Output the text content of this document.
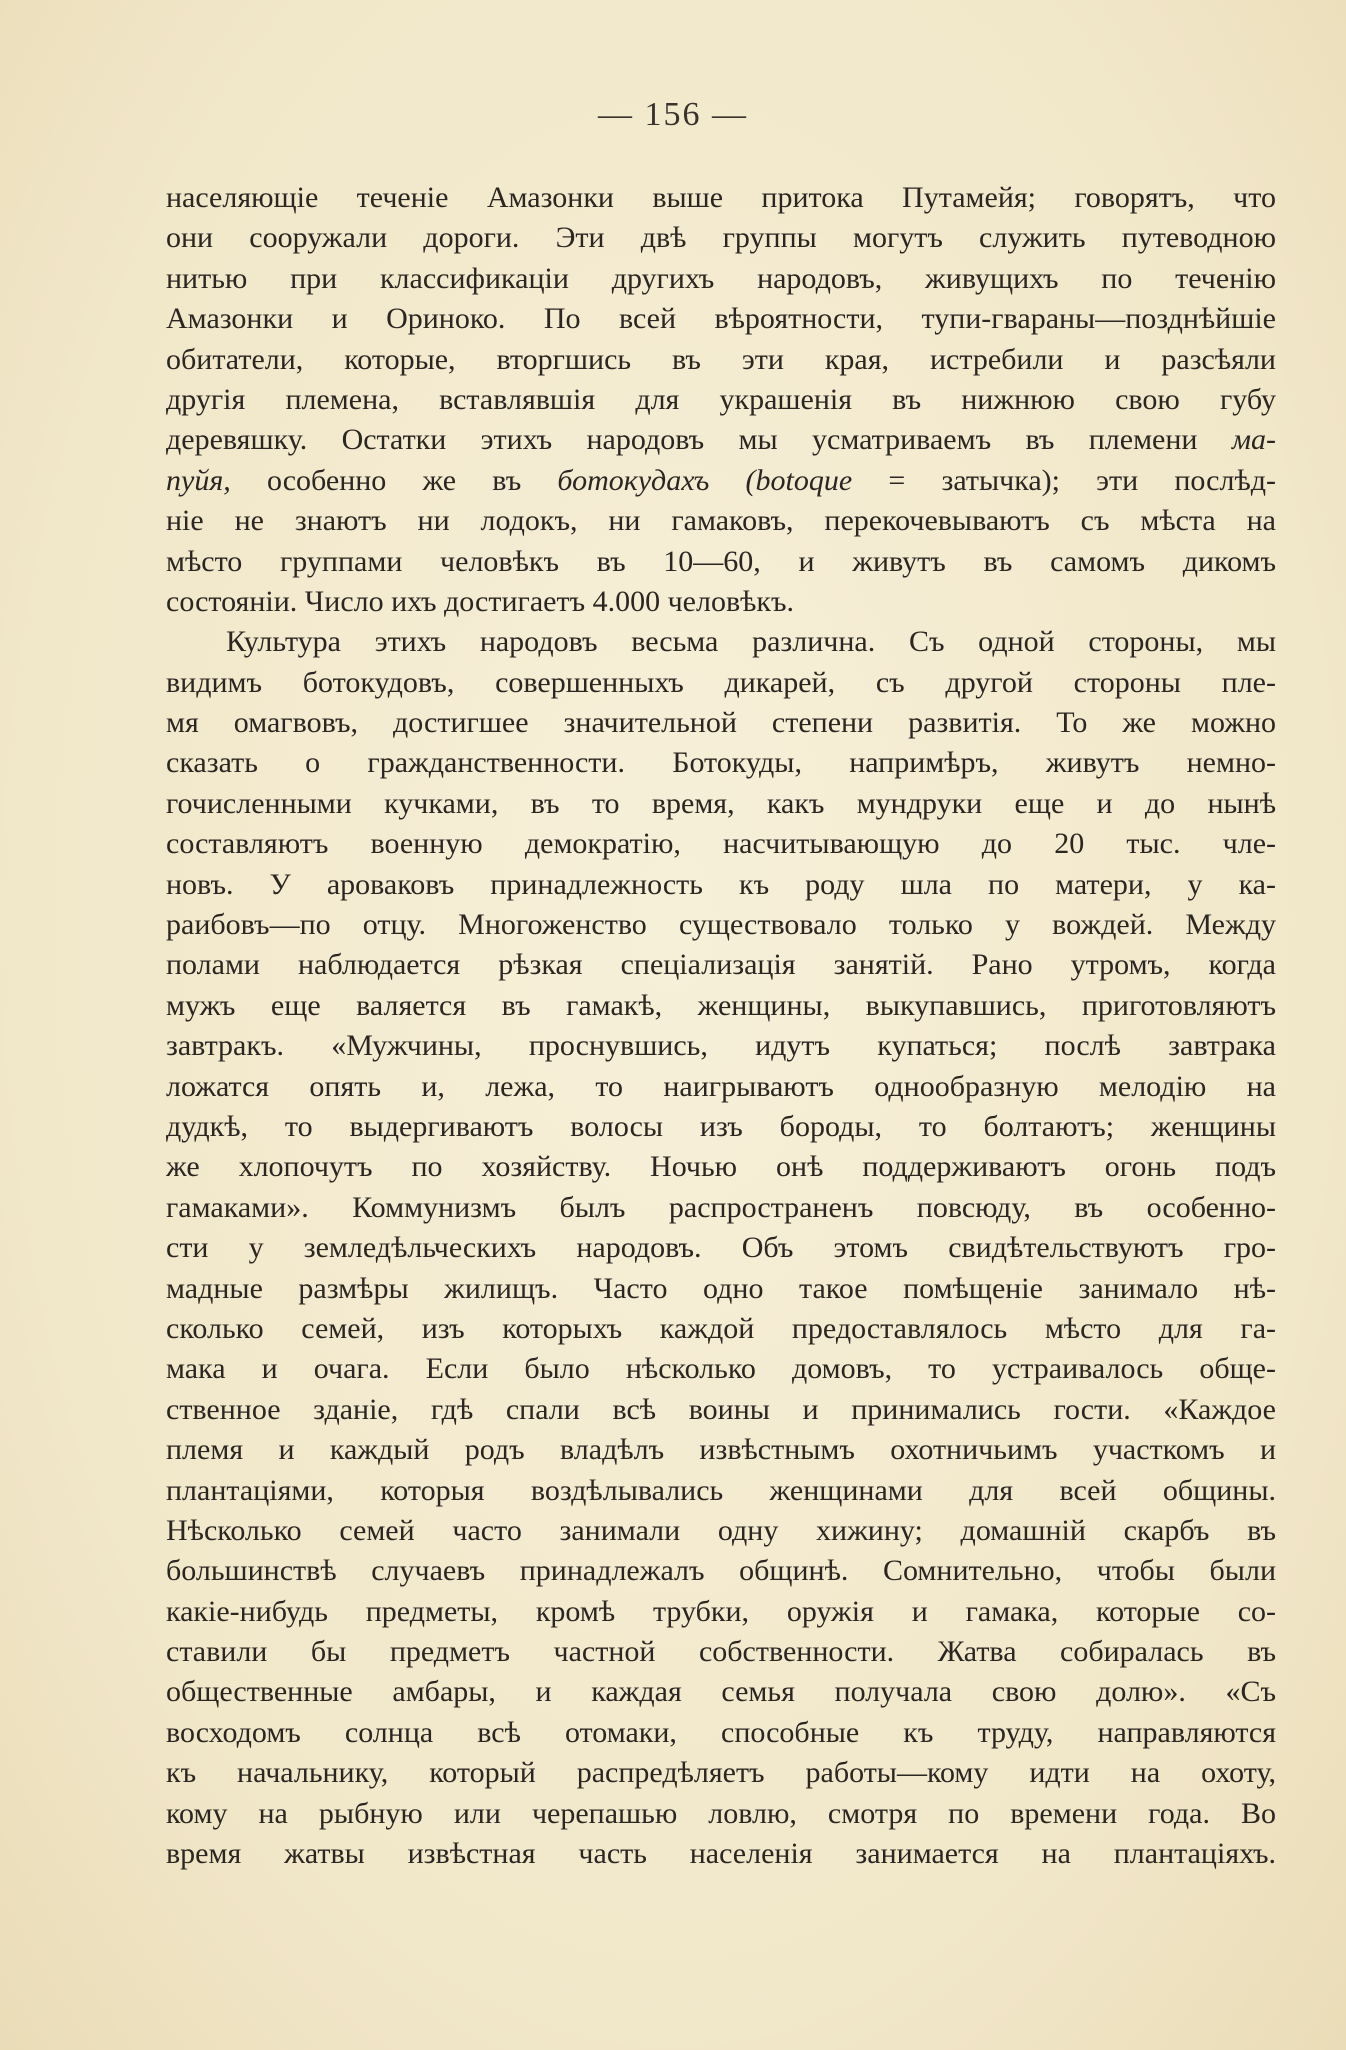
— 156 —
населяющіе теченіе Амазонки выше притока Путамейя; говорятъ, что
они сооружали дороги. Эти двѣ группы могутъ служить путеводною
нитью при классификаціи другихъ народовъ, живущихъ по теченію
Амазонки и Ориноко. По всей вѣроятности, тупи-гвараны—позднѣйшіе
обитатели, которые, вторгшись въ эти края, истребили и разсѣяли
другія племена, вставлявшія для украшенія въ нижнюю свою губу
деревяшку. Остатки этихъ народовъ мы усматриваемъ въ племени ма-
пуйя, особенно же въ ботокудахъ (botoque = затычка); эти послѣд-
ніе не знаютъ ни лодокъ, ни гамаковъ, перекочевываютъ съ мѣста на
мѣсто группами человѣкъ въ 10—60, и живутъ въ самомъ дикомъ
состояніи. Число ихъ достигаетъ 4.000 человѣкъ.
Культура этихъ народовъ весьма различна. Съ одной стороны, мы
видимъ ботокудовъ, совершенныхъ дикарей, съ другой стороны пле-
мя омагвовъ, достигшее значительной степени развитія. То же можно
сказать о гражданственности. Ботокуды, напримѣръ, живутъ немно-
гочисленными кучками, въ то время, какъ мундруки еще и до нынѣ
составляютъ военную демократію, насчитывающую до 20 тыс. чле-
новъ. У ароваковъ принадлежность къ роду шла по матери, у ка-
раибовъ—по отцу. Многоженство существовало только у вождей. Между
полами наблюдается рѣзкая спеціализація занятій. Рано утромъ, когда
мужъ еще валяется въ гамакѣ, женщины, выкупавшись, приготовляютъ
завтракъ. «Мужчины, проснувшись, идутъ купаться; послѣ завтрака
ложатся опять и, лежа, то наигрываютъ однообразную мелодію на
дудкѣ, то выдергиваютъ волосы изъ бороды, то болтаютъ; женщины
же хлопочутъ по хозяйству. Ночью онѣ поддерживаютъ огонь подъ
гамаками». Коммунизмъ былъ распространенъ повсюду, въ особенно-
сти у земледѣльческихъ народовъ. Объ этомъ свидѣтельствуютъ гро-
мадные размѣры жилищъ. Часто одно такое помѣщеніе занимало нѣ-
сколько семей, изъ которыхъ каждой предоставлялось мѣсто для га-
мака и очага. Если было нѣсколько домовъ, то устраивалось обще-
ственное зданіе, гдѣ спали всѣ воины и принимались гости. «Каждое
племя и каждый родъ владѣлъ извѣстнымъ охотничьимъ участкомъ и
плантаціями, которыя воздѣлывались женщинами для всей общины.
Нѣсколько семей часто занимали одну хижину; домашній скарбъ въ
большинствѣ случаевъ принадлежалъ общинѣ. Сомнительно, чтобы были
какіе-нибудь предметы, кромѣ трубки, оружія и гамака, которые со-
ставили бы предметъ частной собственности. Жатва собиралась въ
общественные амбары, и каждая семья получала свою долю». «Съ
восходомъ солнца всѣ отомаки, способные къ труду, направляются
къ начальнику, который распредѣляетъ работы—кому идти на охоту,
кому на рыбную или черепашью ловлю, смотря по времени года. Во
время жатвы извѣстная часть населенія занимается на плантаціяхъ.
